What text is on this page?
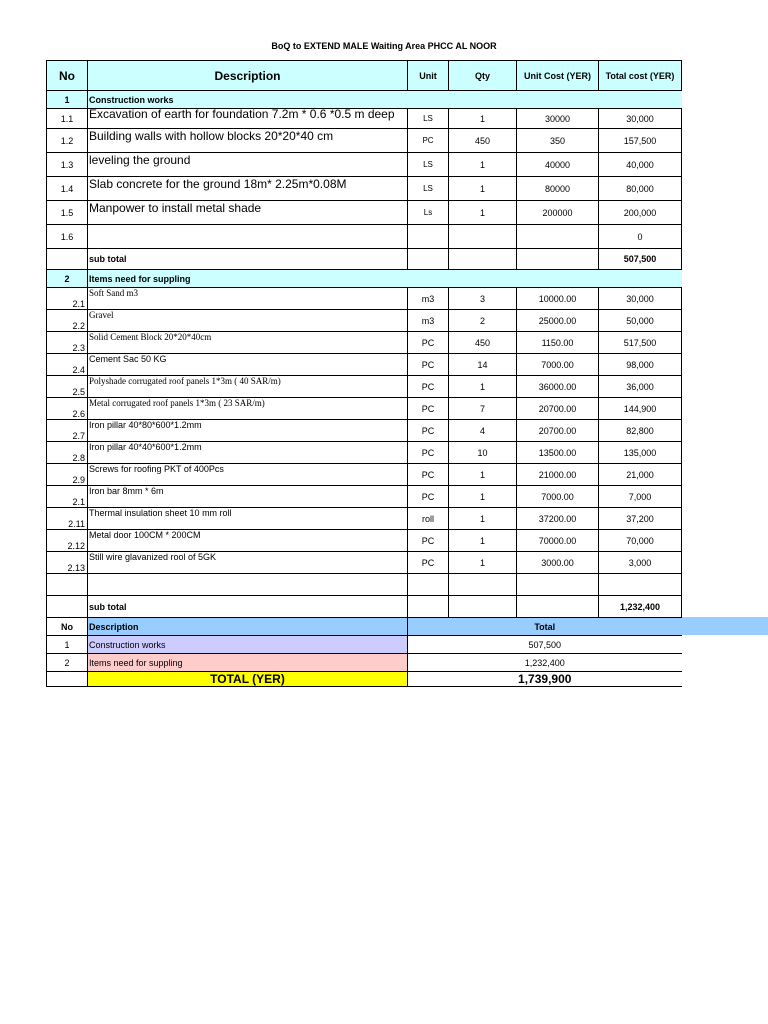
BoQ to EXTEND MALE Waiting Area PHCC AL NOOR
No	Description	Unit	Qty	Unit Cost (YER)	Total cost (YER)
1	Construction works				
1.1	Excavation of earth for foundation 7.2m * 0.6 *0.5 m deep	LS	1	30000	30,000
1.2	Building walls with hollow blocks 20*20*40 cm	PC	450	350	157,500
1.3	leveling the ground	LS	1	40000	40,000
1.4	Slab concrete for the ground 18m* 2.25m*0.08M	LS	1	80000	80,000
1.5	Manpower to install metal shade	Ls	1	200000	200,000
1.6					0
	sub total				507,500
2	Items need for suppling				
2.1	Soft Sand m3	m3	3	10000.00	30,000
2.2	Gravel	m3	2	25000.00	50,000
2.3	Solid Cement Block 20*20*40cm	PC	450	1150.00	517,500
2.4	Cement Sac 50 KG	PC	14	7000.00	98,000
2.5	Polyshade corrugated roof panels 1*3m ( 40 SAR/m)	PC	1	36000.00	36,000
2.6	Metal corrugated roof panels 1*3m ( 23 SAR/m)	PC	7	20700.00	144,900
2.7	Iron pillar 40*80*600*1.2mm	PC	4	20700.00	82,800
2.8	Iron pillar 40*40*600*1.2mm	PC	10	13500.00	135,000
2.9	Screws for roofing PKT of 400Pcs	PC	1	21000.00	21,000
2.1	Iron bar 8mm * 6m	PC	1	7000.00	7,000
2.11	Thermal insulation sheet 10 mm roll	roll	1	37200.00	37,200
2.12	Metal door 100CM * 200CM	PC	1	70000.00	70,000
2.13	Still wire glavanized rool of 5GK	PC	1	3000.00	3,000

	sub total				1,232,400
No	Description	Total			
1	Construction works	507,500			
2	Items need for suppling	1,232,400			
	TOTAL (YER)	1,739,900			
